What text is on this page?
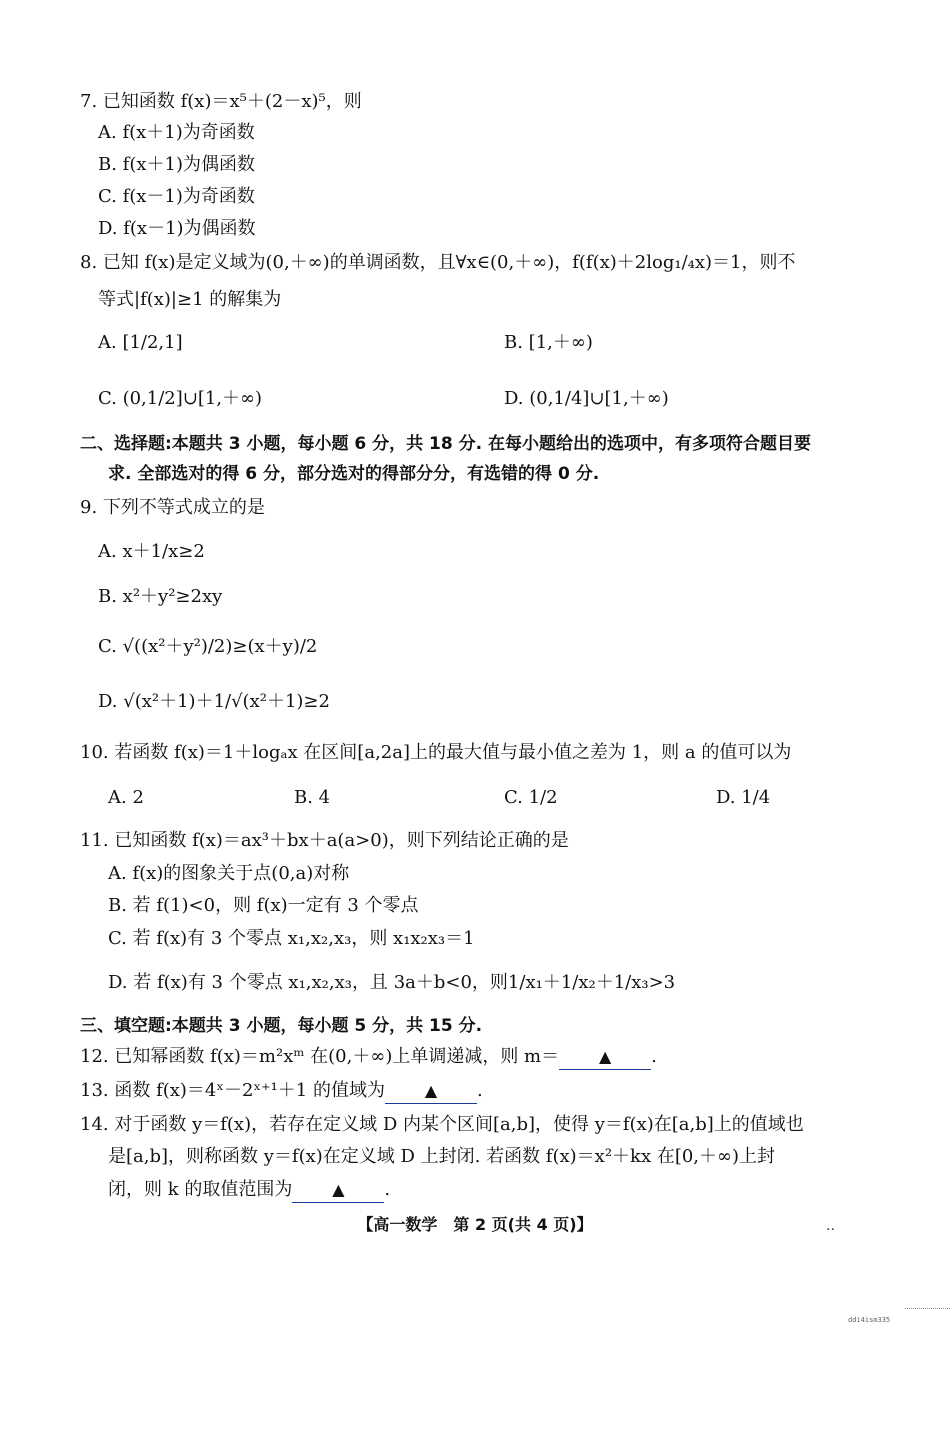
7. 已知函数 f(x)＝x⁵＋(2－x)⁵，则
A. f(x＋1)为奇函数
B. f(x＋1)为偶函数
C. f(x－1)为奇函数
D. f(x－1)为偶函数
8. 已知 f(x)是定义域为(0,＋∞)的单调函数，且∀x∈(0,＋∞)，f(f(x)＋2log₁/₄x)＝1，则不
等式|f(x)|≥1 的解集为
A. [1/2,1]	B. [1,＋∞)
C. (0,1/2]∪[1,＋∞)	D. (0,1/4]∪[1,＋∞)
二、选择题:本题共 3 小题，每小题 6 分，共 18 分. 在每小题给出的选项中，有多项符合题目要
求. 全部选对的得 6 分，部分选对的得部分分，有选错的得 0 分.
9. 下列不等式成立的是
A. x＋1/x≥2
B. x²＋y²≥2xy
C. √((x²＋y²)/2)≥(x＋y)/2
D. √(x²＋1)＋1/√(x²＋1)≥2
10. 若函数 f(x)＝1＋logₐx 在区间[a,2a]上的最大值与最小值之差为 1，则 a 的值可以为
A. 2	B. 4	C. 1/2	D. 1/4
11. 已知函数 f(x)＝ax³＋bx＋a(a>0)，则下列结论正确的是
A. f(x)的图象关于点(0,a)对称
B. 若 f(1)<0，则 f(x)一定有 3 个零点
C. 若 f(x)有 3 个零点 x₁,x₂,x₃，则 x₁x₂x₃＝1
D. 若 f(x)有 3 个零点 x₁,x₂,x₃，且 3a＋b<0，则1/x₁＋1/x₂＋1/x₃>3
三、填空题:本题共 3 小题，每小题 5 分，共 15 分.
12. 已知幂函数 f(x)＝m²xᵐ 在(0,＋∞)上单调递减，则 m＝ ▲ .
13. 函数 f(x)＝4ˣ－2ˣ⁺¹＋1 的值域为 ▲ .
14. 对于函数 y＝f(x)，若存在定义域 D 内某个区间[a,b]，使得 y＝f(x)在[a,b]上的值域也
是[a,b]，则称函数 y＝f(x)在定义域 D 上封闭. 若函数 f(x)＝x²＋kx 在[0,＋∞)上封
闭，则 k 的取值范围为 ▲ .
【高一数学　第 2 页(共 4 页)】	..
ddi4ism335
